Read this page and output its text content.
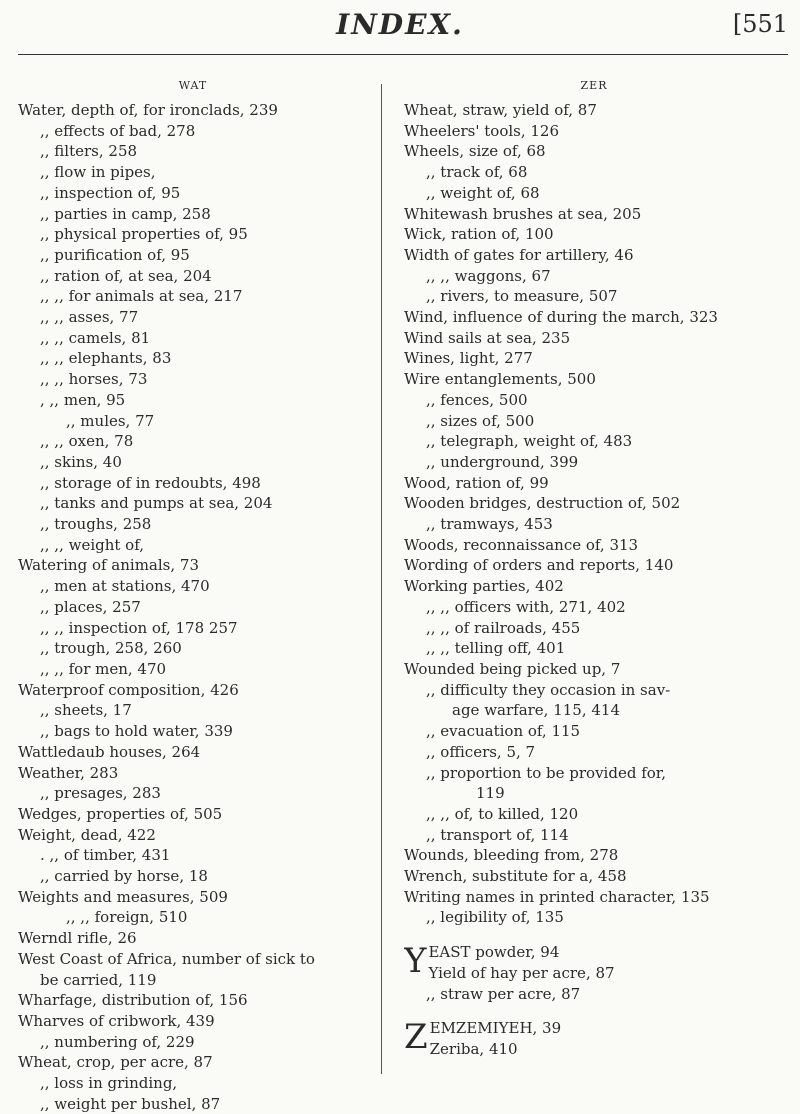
INDEX.	[551
WAT
Water, depth of, for ironclads, 239
,, effects of bad, 278
,, filters, 258
,, flow in pipes,
,, inspection of, 95
,, parties in camp, 258
,, physical properties of, 95
,, purification of, 95
,, ration of, at sea, 204
,, ,, for animals at sea, 217
,, ,, asses, 77
,, ,, camels, 81
,, ,, elephants, 83
,, ,, horses, 73
, ,, men, 95
,, mules, 77
,, ,, oxen, 78
,, skins, 40
,, storage of in redoubts, 498
,, tanks and pumps at sea, 204
,, troughs, 258
,, ,, weight of,
Watering of animals, 73
,, men at stations, 470
,, places, 257
,, ,, inspection of, 178 257
,, trough, 258, 260
,, ,, for men, 470
Waterproof composition, 426
,, sheets, 17
,, bags to hold water, 339
Wattledaub houses, 264
Weather, 283
,, presages, 283
Wedges, properties of, 505
Weight, dead, 422
. ,, of timber, 431
,, carried by horse, 18
Weights and measures, 509
,, ,, foreign, 510
Werndl rifle, 26
West Coast of Africa, number of sick to
be carried, 119
Wharfage, distribution of, 156
Wharves of cribwork, 439
,, numbering of, 229
Wheat, crop, per acre, 87
,, loss in grinding,
,, weight per bushel, 87
ZER
Wheat, straw, yield of, 87
Wheelers' tools, 126
Wheels, size of, 68
,, track of, 68
,, weight of, 68
Whitewash brushes at sea, 205
Wick, ration of, 100
Width of gates for artillery, 46
,, ,, waggons, 67
,, rivers, to measure, 507
Wind, influence of during the march, 323
Wind sails at sea, 235
Wines, light, 277
Wire entanglements, 500
,, fences, 500
,, sizes of, 500
,, telegraph, weight of, 483
,, underground, 399
Wood, ration of, 99
Wooden bridges, destruction of, 502
,, tramways, 453
Woods, reconnaissance of, 313
Wording of orders and reports, 140
Working parties, 402
,, ,, officers with, 271, 402
,, ,, of railroads, 455
,, ,, telling off, 401
Wounded being picked up, 7
,, difficulty they occasion in sav-
age warfare, 115, 414
,, evacuation of, 115
,, officers, 5, 7
,, proportion to be provided for,
119
,, ,, of, to killed, 120
,, transport of, 114
Wounds, bleeding from, 278
Wrench, substitute for a, 458
Writing names in printed character, 135
,, legibility of, 135
Y EAST powder, 94
Yield of hay per acre, 87
,, straw per acre, 87
Z EMZEMIYEH, 39
Zeriba, 410
